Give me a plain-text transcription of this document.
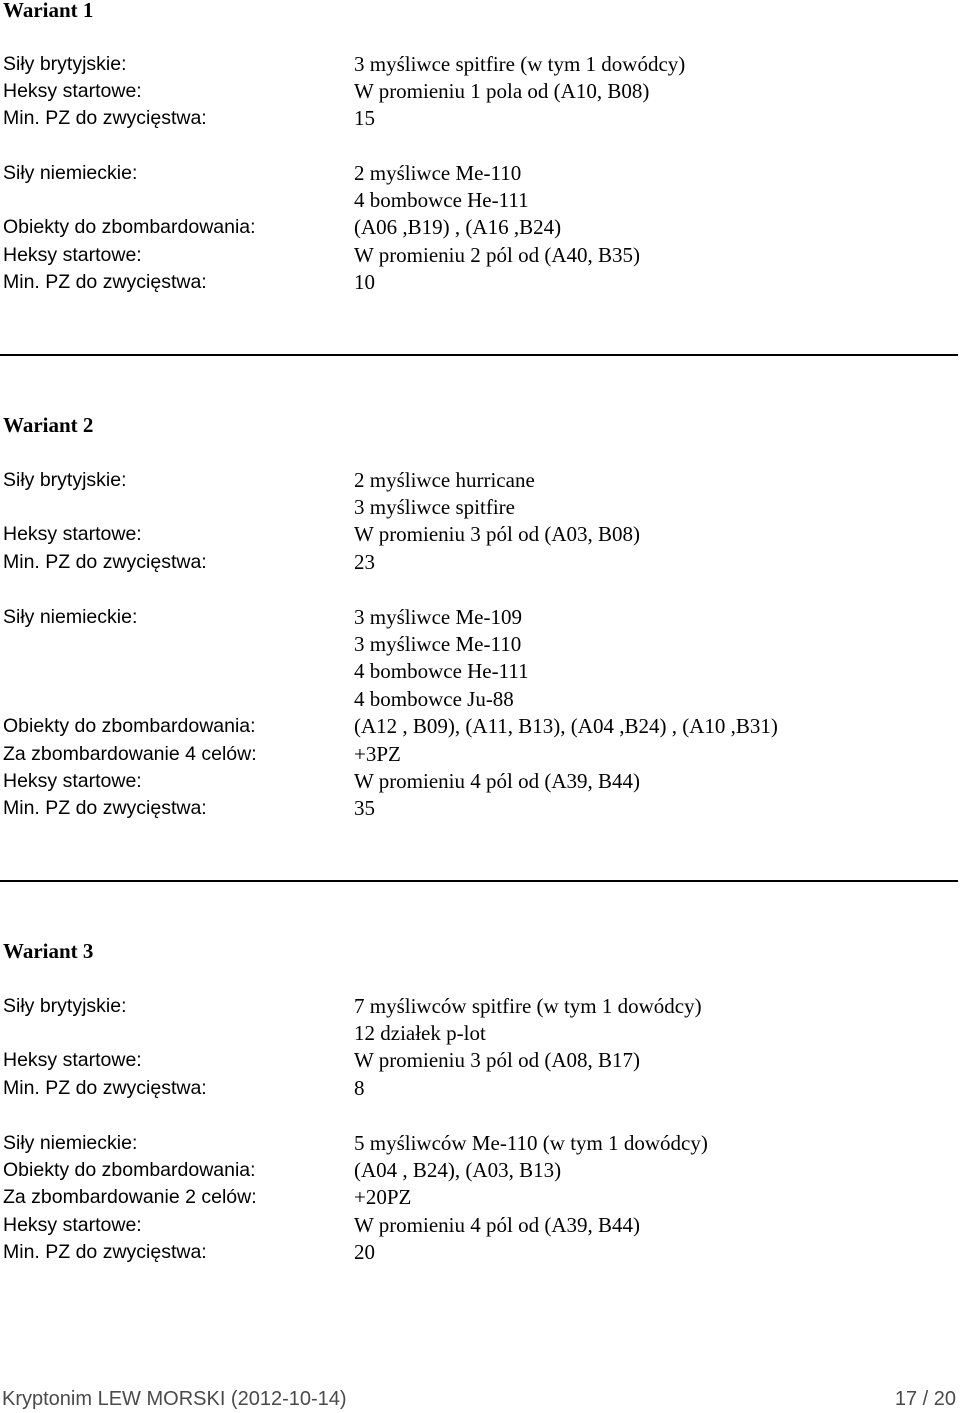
Wariant 1
Siły brytyjskie:	3 myśliwce spitfire (w tym 1 dowódcy)
Heksy startowe:	W promieniu 1 pola od (A10, B08)
Min. PZ do zwycięstwa:	15
Siły niemieckie:	2 myśliwce Me-110
4 bombowce He-111
Obiekty do zbombardowania:	(A06 ,B19) , (A16 ,B24)
Heksy startowe:	W promieniu 2 pól od (A40, B35)
Min. PZ do zwycięstwa:	10
Wariant 2
Siły brytyjskie:	2 myśliwce hurricane
3 myśliwce spitfire
Heksy startowe:	W promieniu 3 pól od (A03, B08)
Min. PZ do zwycięstwa:	23
Siły niemieckie:	3 myśliwce Me-109
3 myśliwce Me-110
4 bombowce He-111
4 bombowce Ju-88
Obiekty do zbombardowania:	(A12 , B09), (A11, B13), (A04 ,B24) , (A10 ,B31)
Za zbombardowanie 4 celów:	+3PZ
Heksy startowe:	W promieniu 4 pól od (A39, B44)
Min. PZ do zwycięstwa:	35
Wariant 3
Siły brytyjskie:	7 myśliwców spitfire (w tym 1 dowódcy)
12 działek p-lot
Heksy startowe:	W promieniu 3 pól od (A08, B17)
Min. PZ do zwycięstwa:	8
Siły niemieckie:	5 myśliwców Me-110 (w tym 1 dowódcy)
Obiekty do zbombardowania:	(A04 , B24), (A03, B13)
Za zbombardowanie 2 celów:	+20PZ
Heksy startowe:	W promieniu 4 pól od (A39, B44)
Min. PZ do zwycięstwa:	20
Kryptonim LEW MORSKI (2012-10-14)	17 / 20
